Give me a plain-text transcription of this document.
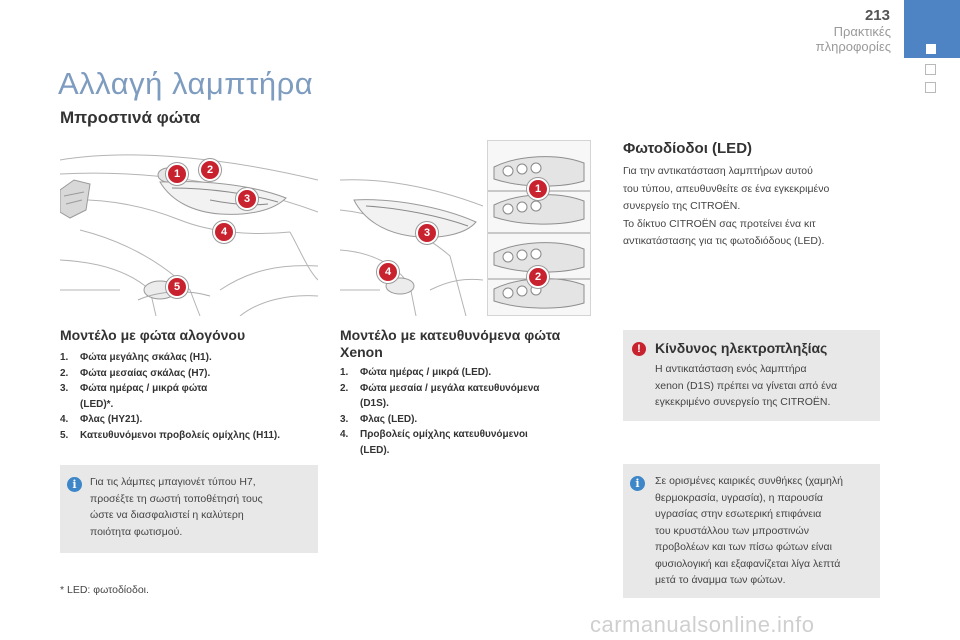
213
Πρακτικές πληροφορίες
Αλλαγή λαμπτήρα
Μπροστινά φώτα
1	2
3
4
5
3
4
1
2
Μοντέλο με φώτα αλογόνου
1.	Φώτα μεγάλης σκάλας (H1).
2.	Φώτα μεσαίας σκάλας (H7).
3.	Φώτα ημέρας / μικρά φώτα
(LED)*.
4.	Φλας (HY21).
5.	Κατευθυνόμενοι προβολείς ομίχλης (H11).
i	Για τις λάμπες μπαγιονέτ τύπου H7,
προσέξτε τη σωστή τοποθέτησή τους
ώστε να διασφαλιστεί η καλύτερη
ποιότητα φωτισμού.
* LED: φωτοδίοδοι.
Μοντέλο με κατευθυνόμενα φώτα
Xenon
1.	Φώτα ημέρας / μικρά (LED).
2.	Φώτα μεσαία / μεγάλα κατευθυνόμενα
(D1S).
3.	Φλας (LED).
4.	Προβολείς ομίχλης κατευθυνόμενοι
(LED).
Φωτοδίοδοι (LED)
Για την αντικατάσταση λαμπτήρων αυτού
του τύπου, απευθυνθείτε σε ένα εγκεκριμένο
συνεργείο της CITROËN.
Το δίκτυο CITROËN σας προτείνει ένα κιτ
αντικατάστασης για τις φωτοδιόδους (LED).
!	Κίνδυνος ηλεκτροπληξίας
Η αντικατάσταση ενός λαμπτήρα
xenon (D1S) πρέπει να γίνεται από ένα
εγκεκριμένο συνεργείο της CITROËN.
i	Σε ορισμένες καιρικές συνθήκες (χαμηλή
θερμοκρασία, υγρασία), η παρουσία
υγρασίας στην εσωτερική επιφάνεια
του κρυστάλλου των μπροστινών
προβολέων και των πίσω φώτων είναι
φυσιολογική και εξαφανίζεται λίγα λεπτά
μετά το άναμμα των φώτων.
carmanualsonline.info
